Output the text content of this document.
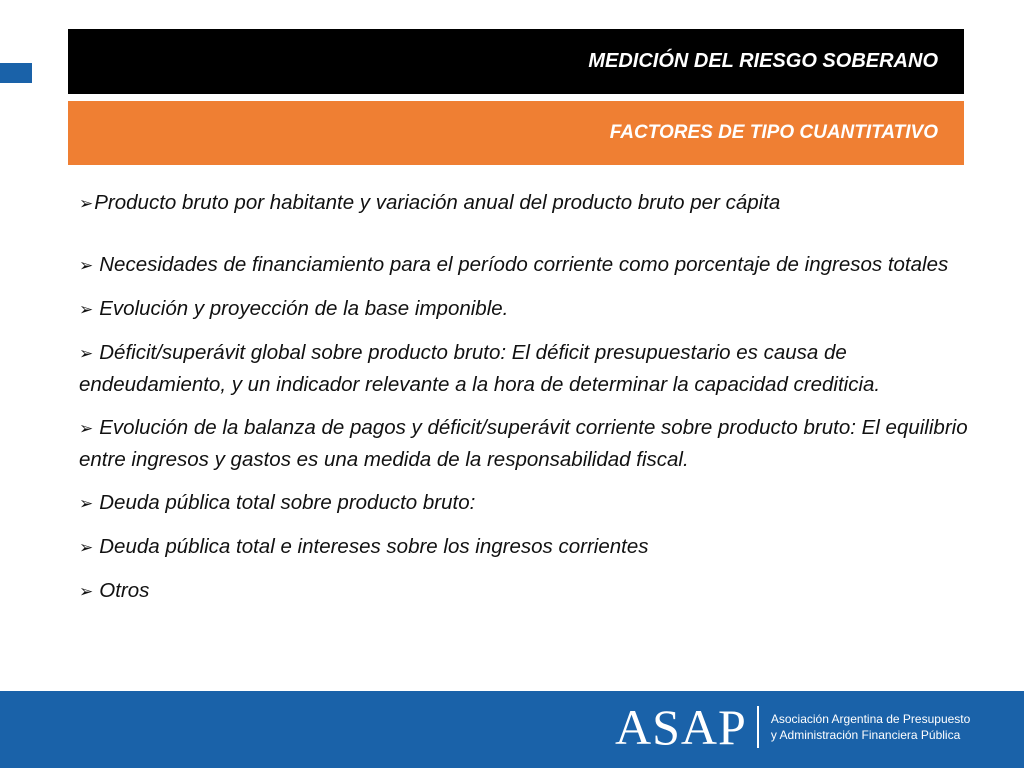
MEDICIÓN DEL RIESGO SOBERANO
FACTORES DE TIPO CUANTITATIVO

➢Producto bruto por habitante y variación anual del producto bruto per cápita

➢ Necesidades de financiamiento para el período corriente como porcentaje de ingresos totales

➢ Evolución y proyección de la base imponible.

➢ Déficit/superávit global sobre producto bruto: El déficit presupuestario es causa de endeudamiento, y un indicador relevante a la hora de determinar la capacidad crediticia.

➢ Evolución de la balanza de pagos y déficit/superávit corriente sobre producto bruto: El equilibrio entre ingresos y gastos es una medida de la responsabilidad fiscal.

➢ Deuda pública total sobre producto bruto:

➢ Deuda pública total e intereses sobre los ingresos corrientes

➢ Otros

ASAP Asociación Argentina de Presupuesto
y Administración Financiera Pública
